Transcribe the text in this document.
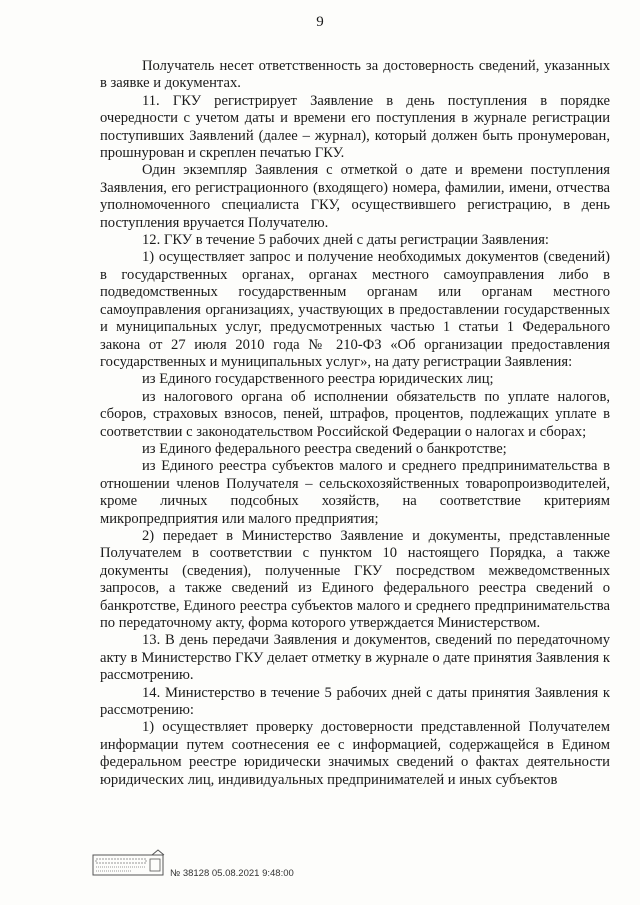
9

Получатель несет ответственность за достоверность сведений, указанных в заявке и документах.

11. ГКУ регистрирует Заявление в день поступления в порядке очередности с учетом даты и времени его поступления в журнале регистрации поступивших Заявлений (далее – журнал), который должен быть пронумерован, прошнурован и скреплен печатью ГКУ.

Один экземпляр Заявления с отметкой о дате и времени поступления Заявления, его регистрационного (входящего) номера, фамилии, имени, отчества уполномоченного специалиста ГКУ, осуществившего регистрацию, в день поступления вручается Получателю.

12. ГКУ в течение 5 рабочих дней с даты регистрации Заявления:

1) осуществляет запрос и получение необходимых документов (сведений) в государственных органах, органах местного самоуправления либо в подведомственных государственным органам или органам местного самоуправления организациях, участвующих в предоставлении государственных и муниципальных услуг, предусмотренных частью 1 статьи 1 Федерального закона от 27 июля 2010 года № 210-ФЗ «Об организации предоставления государственных и муниципальных услуг», на дату регистрации Заявления:

из Единого государственного реестра юридических лиц;

из налогового органа об исполнении обязательств по уплате налогов, сборов, страховых взносов, пеней, штрафов, процентов, подлежащих уплате в соответствии с законодательством Российской Федерации о налогах и сборах;

из Единого федерального реестра сведений о банкротстве;

из Единого реестра субъектов малого и среднего предпринимательства в отношении членов Получателя – сельскохозяйственных товаропроизводителей, кроме личных подсобных хозяйств, на соответствие критериям микропредприятия или малого предприятия;

2) передает в Министерство Заявление и документы, представленные Получателем в соответствии с пунктом 10 настоящего Порядка, а также документы (сведения), полученные ГКУ посредством межведомственных запросов, а также сведений из Единого федерального реестра сведений о банкротстве, Единого реестра субъектов малого и среднего предпринимательства по передаточному акту, форма которого утверждается Министерством.

13. В день передачи Заявления и документов, сведений по передаточному акту в Министерство ГКУ делает отметку в журнале о дате принятия Заявления к рассмотрению.

14. Министерство в течение 5 рабочих дней с даты принятия Заявления к рассмотрению:

1) осуществляет проверку достоверности представленной Получателем информации путем соотнесения ее с информацией, содержащейся в Едином федеральном реестре юридически значимых сведений о фактах деятельности юридических лиц, индивидуальных предпринимателей и иных субъектов

№ 38128 05.08.2021 9:48:00
